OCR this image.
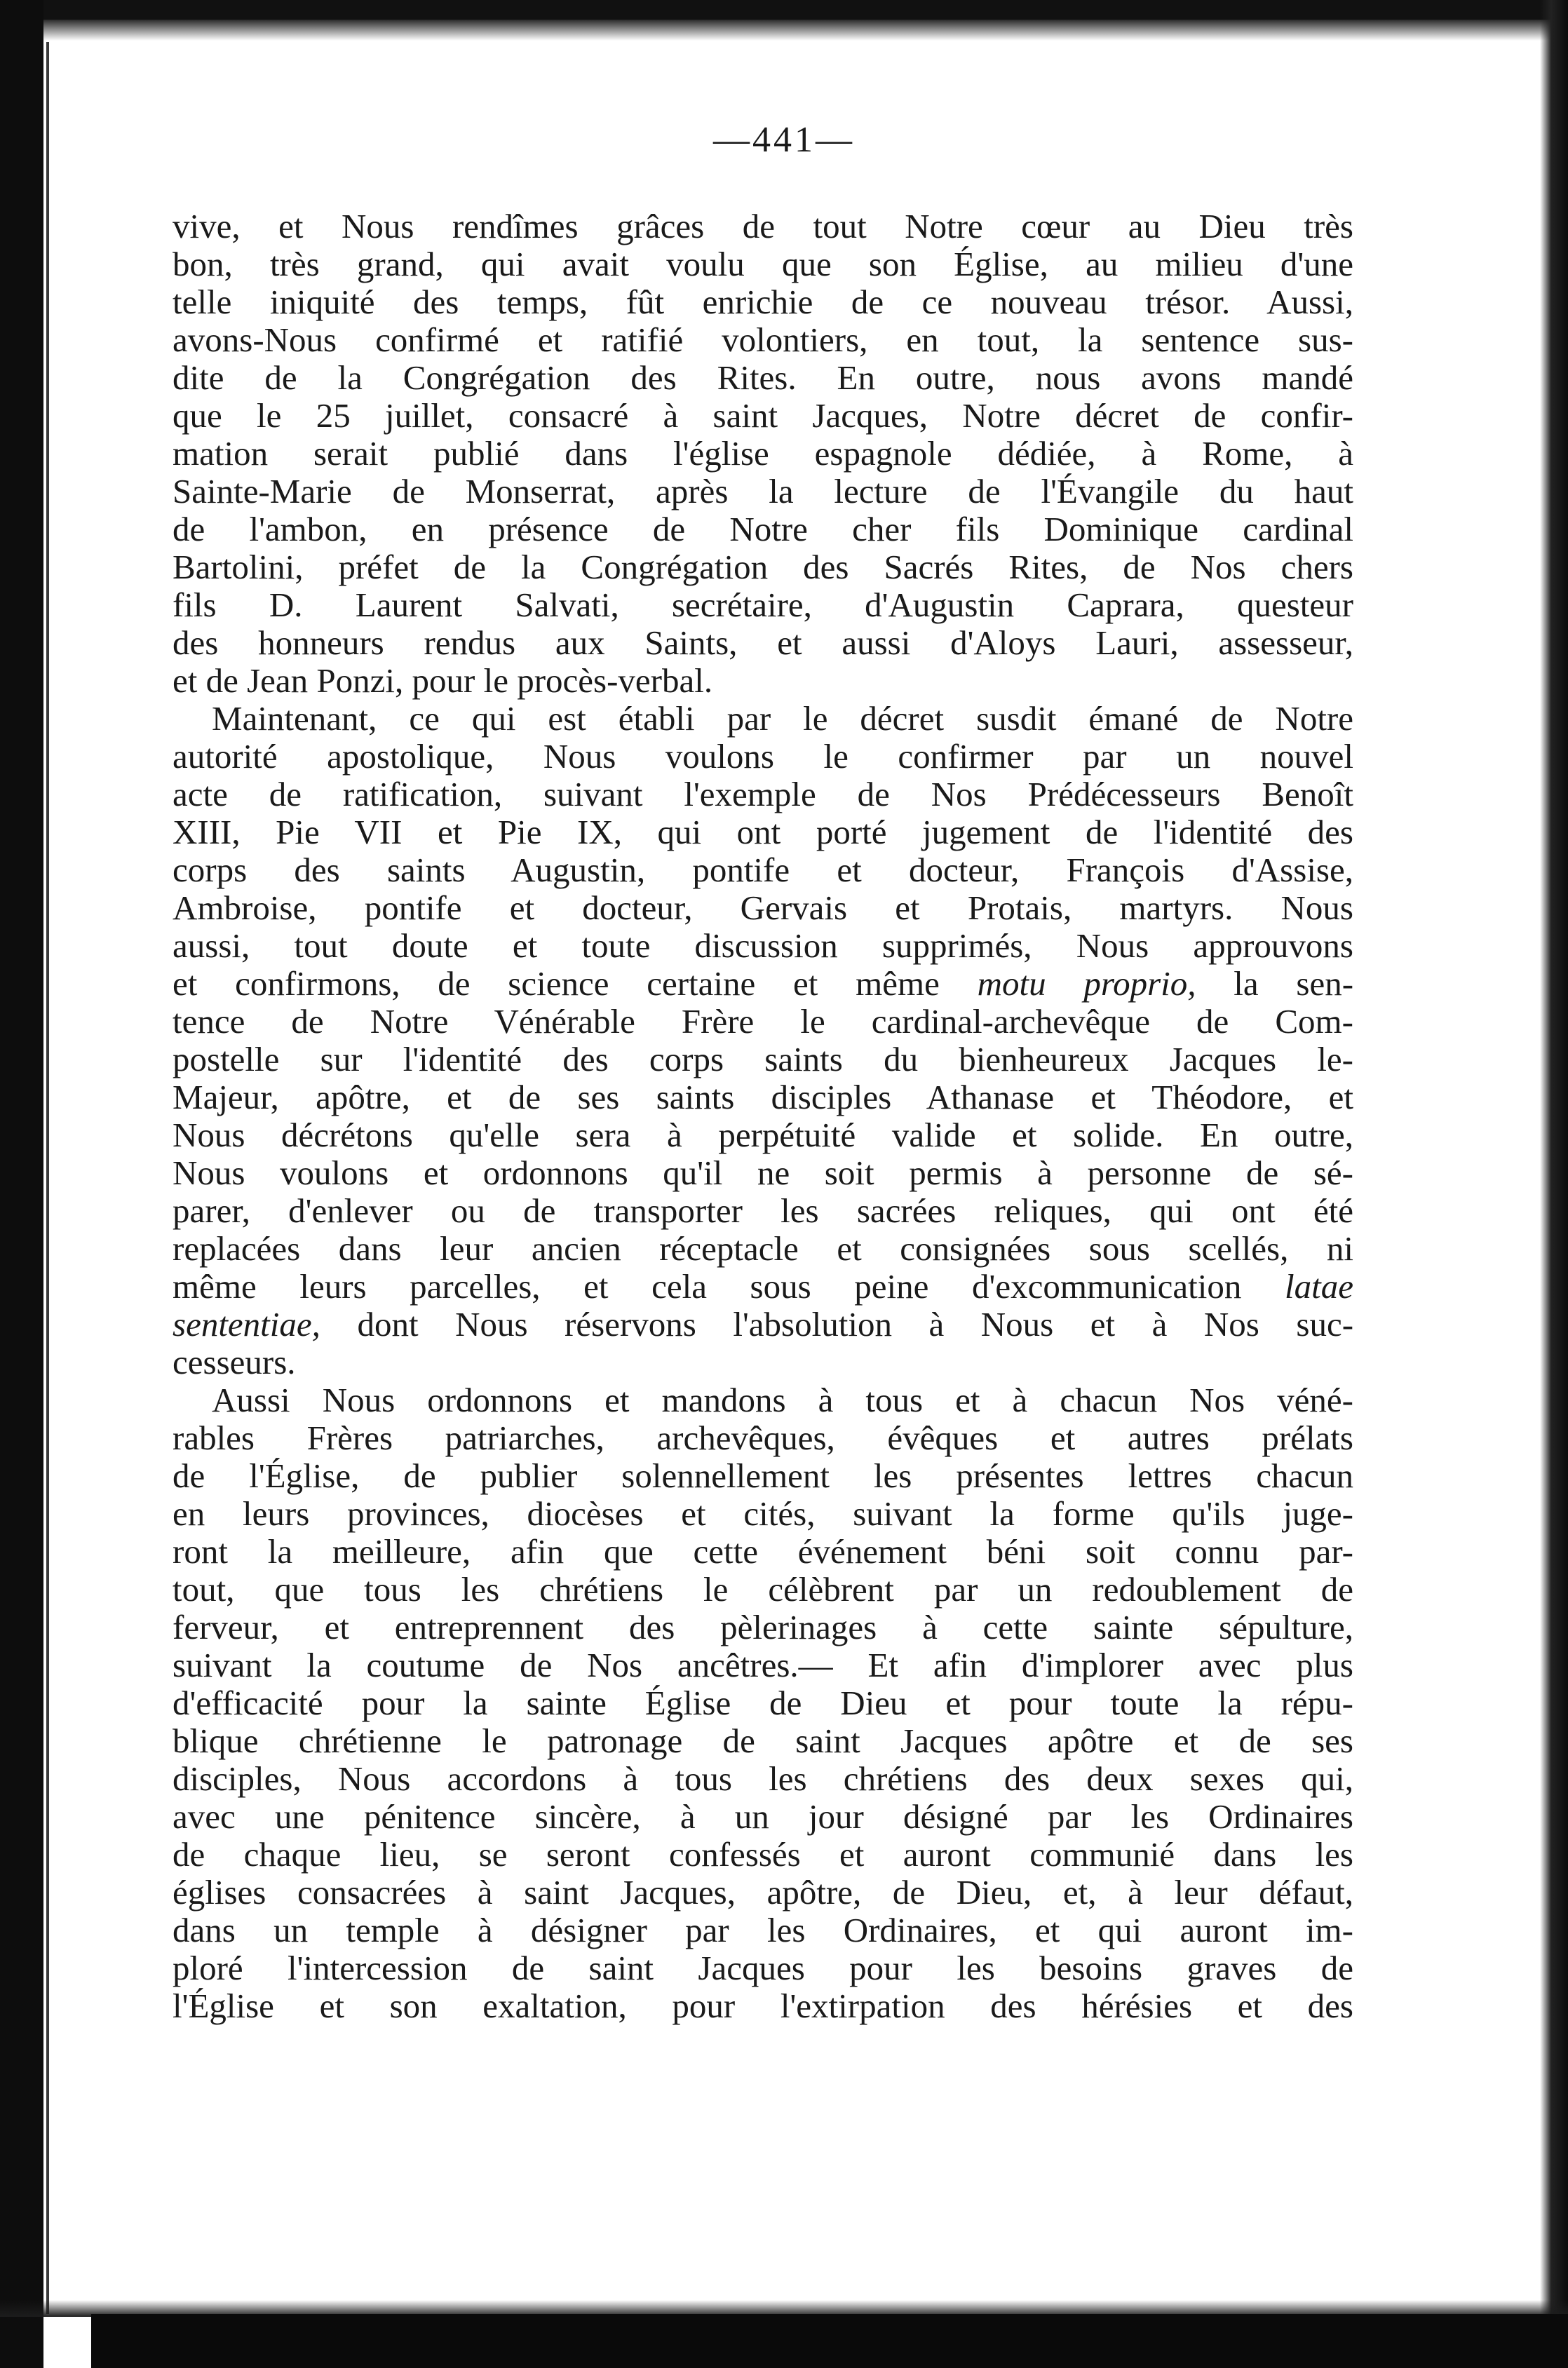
—441—
vive, et Nous rendîmes grâces de tout Notre cœur au Dieu très
bon, très grand, qui avait voulu que son Église, au milieu d'une
telle iniquité des temps, fût enrichie de ce nouveau trésor. Aussi,
avons-Nous confirmé et ratifié volontiers, en tout, la sentence sus-
dite de la Congrégation des Rites. En outre, nous avons mandé
que le 25 juillet, consacré à saint Jacques, Notre décret de confir-
mation serait publié dans l'église espagnole dédiée, à Rome, à
Sainte-Marie de Monserrat, après la lecture de l'Évangile du haut
de l'ambon, en présence de Notre cher fils Dominique cardinal
Bartolini, préfet de la Congrégation des Sacrés Rites, de Nos chers
fils D. Laurent Salvati, secrétaire, d'Augustin Caprara, questeur
des honneurs rendus aux Saints, et aussi d'Aloys Lauri, assesseur,
et de Jean Ponzi, pour le procès-verbal.
Maintenant, ce qui est établi par le décret susdit émané de Notre
autorité apostolique, Nous voulons le confirmer par un nouvel
acte de ratification, suivant l'exemple de Nos Prédécesseurs Benoît
XIII, Pie VII et Pie IX, qui ont porté jugement de l'identité des
corps des saints Augustin, pontife et docteur, François d'Assise,
Ambroise, pontife et docteur, Gervais et Protais, martyrs. Nous
aussi, tout doute et toute discussion supprimés, Nous approuvons
et confirmons, de science certaine et même motu proprio, la sen-
tence de Notre Vénérable Frère le cardinal-archevêque de Com-
postelle sur l'identité des corps saints du bienheureux Jacques le-
Majeur, apôtre, et de ses saints disciples Athanase et Théodore, et
Nous décrétons qu'elle sera à perpétuité valide et solide. En outre,
Nous voulons et ordonnons qu'il ne soit permis à personne de sé-
parer, d'enlever ou de transporter les sacrées reliques, qui ont été
replacées dans leur ancien réceptacle et consignées sous scellés, ni
même leurs parcelles, et cela sous peine d'excommunication latae
sententiae, dont Nous réservons l'absolution à Nous et à Nos suc-
cesseurs.
Aussi Nous ordonnons et mandons à tous et à chacun Nos véné-
rables Frères patriarches, archevêques, évêques et autres prélats
de l'Église, de publier solennellement les présentes lettres chacun
en leurs provinces, diocèses et cités, suivant la forme qu'ils juge-
ront la meilleure, afin que cette événement béni soit connu par-
tout, que tous les chrétiens le célèbrent par un redoublement de
ferveur, et entreprennent des pèlerinages à cette sainte sépulture,
suivant la coutume de Nos ancêtres.— Et afin d'implorer avec plus
d'efficacité pour la sainte Église de Dieu et pour toute la répu-
blique chrétienne le patronage de saint Jacques apôtre et de ses
disciples, Nous accordons à tous les chrétiens des deux sexes qui,
avec une pénitence sincère, à un jour désigné par les Ordinaires
de chaque lieu, se seront confessés et auront communié dans les
églises consacrées à saint Jacques, apôtre, de Dieu, et, à leur défaut,
dans un temple à désigner par les Ordinaires, et qui auront im-
ploré l'intercession de saint Jacques pour les besoins graves de
l'Église et son exaltation, pour l'extirpation des hérésies et des
